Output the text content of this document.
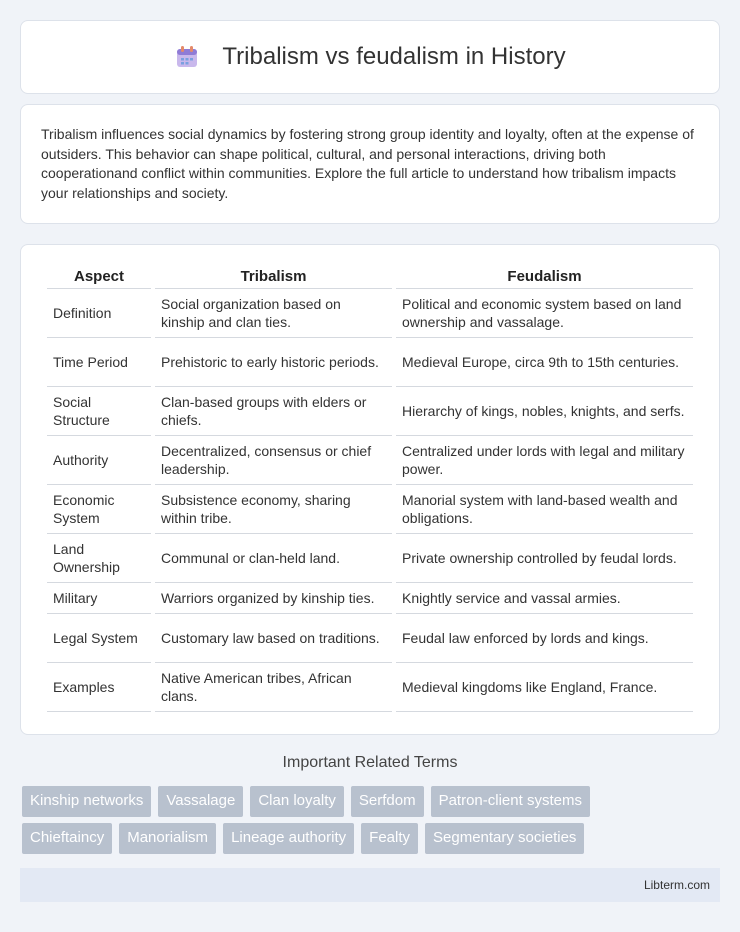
Tribalism vs feudalism in History

Tribalism influences social dynamics by fostering strong group identity and loyalty, often at the expense of outsiders. This behavior can shape political, cultural, and personal interactions, driving both cooperationand conflict within communities. Explore the full article to understand how tribalism impacts your relationships and society.

Aspect	Tribalism	Feudalism
Definition	Social organization based on kinship and clan ties.	Political and economic system based on land ownership and vassalage.
Time Period	Prehistoric to early historic periods.	Medieval Europe, circa 9th to 15th centuries.
Social Structure	Clan-based groups with elders or chiefs.	Hierarchy of kings, nobles, knights, and serfs.
Authority	Decentralized, consensus or chief leadership.	Centralized under lords with legal and military power.
Economic System	Subsistence economy, sharing within tribe.	Manorial system with land-based wealth and obligations.
Land Ownership	Communal or clan-held land.	Private ownership controlled by feudal lords.
Military	Warriors organized by kinship ties.	Knightly service and vassal armies.
Legal System	Customary law based on traditions.	Feudal law enforced by lords and kings.
Examples	Native American tribes, African clans.	Medieval kingdoms like England, France.
Important Related Terms
Kinship networks	Vassalage	Clan loyalty	Serfdom	Patron-client systems
Chieftaincy	Manorialism	Lineage authority	Fealty	Segmentary societies
Libterm.com
